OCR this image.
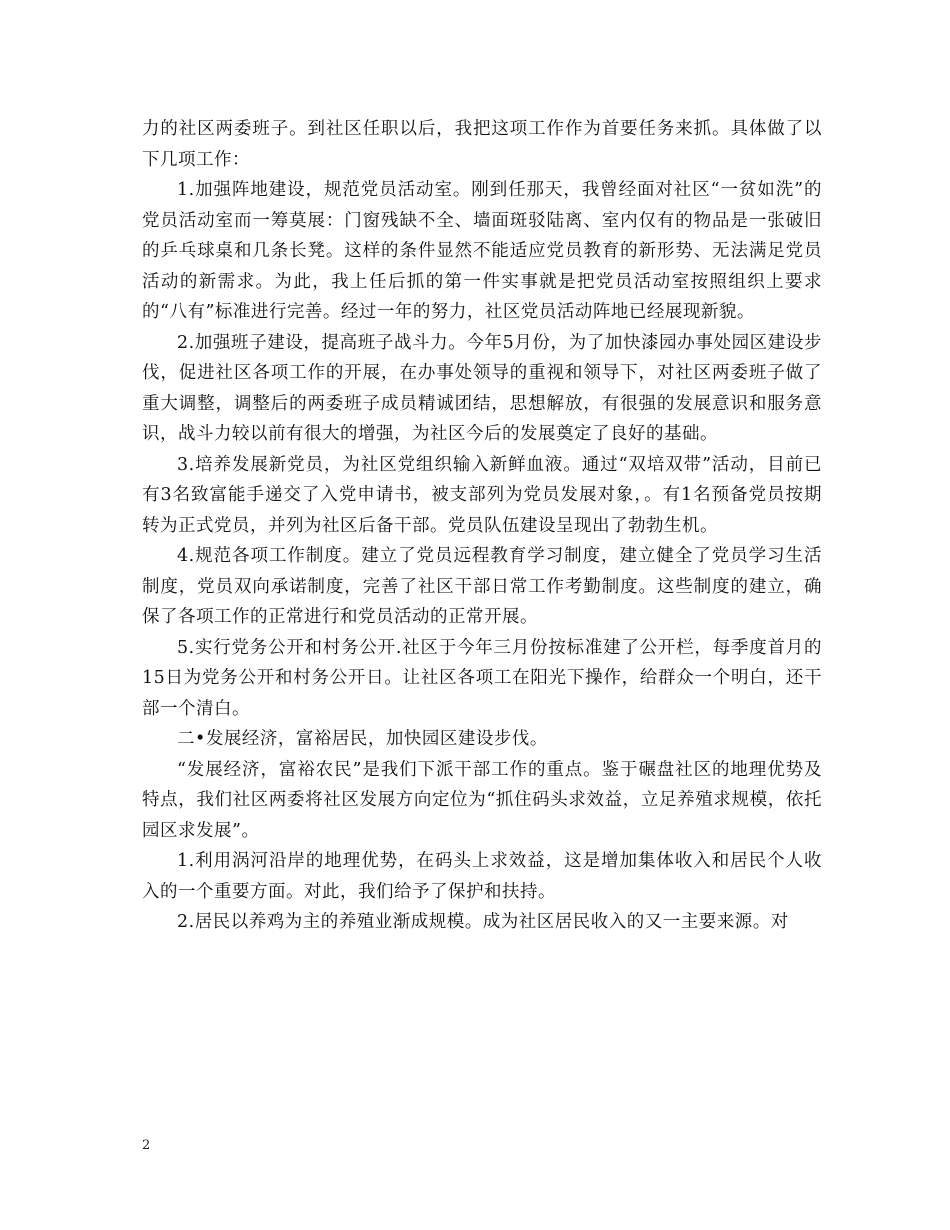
力的社区两委班子。到社区任职以后，我把这项工作作为首要任务来抓。具体做了以下几项工作：

1.加强阵地建设，规范党员活动室。刚到任那天，我曾经面对社区“一贫如洗”的党员活动室而一筹莫展：门窗残缺不全、墙面斑驳陆离、室内仅有的物品是一张破旧的乒乓球桌和几条长凳。这样的条件显然不能适应党员教育的新形势、无法满足党员活动的新需求。为此，我上任后抓的第一件实事就是把党员活动室按照组织上要求的“八有”标准进行完善。经过一年的努力，社区党员活动阵地已经展现新貌。

2.加强班子建设，提高班子战斗力。今年5月份，为了加快漆园办事处园区建设步伐，促进社区各项工作的开展，在办事处领导的重视和领导下，对社区两委班子做了重大调整，调整后的两委班子成员精诚团结，思想解放，有很强的发展意识和服务意识，战斗力较以前有很大的增强，为社区今后的发展奠定了良好的基础。

3.培养发展新党员，为社区党组织输入新鲜血液。通过“双培双带”活动，目前已有3名致富能手递交了入党申请书，被支部列为党员发展对象，。有1名预备党员按期转为正式党员，并列为社区后备干部。党员队伍建设呈现出了勃勃生机。

4.规范各项工作制度。建立了党员远程教育学习制度，建立健全了党员学习生活制度，党员双向承诺制度，完善了社区干部日常工作考勤制度。这些制度的建立，确保了各项工作的正常进行和党员活动的正常开展。

5.实行党务公开和村务公开.社区于今年三月份按标准建了公开栏，每季度首月的15日为党务公开和村务公开日。让社区各项工在阳光下操作，给群众一个明白，还干部一个清白。

二•发展经济，富裕居民，加快园区建设步伐。

“发展经济，富裕农民”是我们下派干部工作的重点。鉴于碾盘社区的地理优势及特点，我们社区两委将社区发展方向定位为“抓住码头求效益，立足养殖求规模，依托园区求发展”。

1.利用涡河沿岸的地理优势，在码头上求效益，这是增加集体收入和居民个人收入的一个重要方面。对此，我们给予了保护和扶持。

2.居民以养鸡为主的养殖业渐成规模。成为社区居民收入的又一主要来源。对

2
